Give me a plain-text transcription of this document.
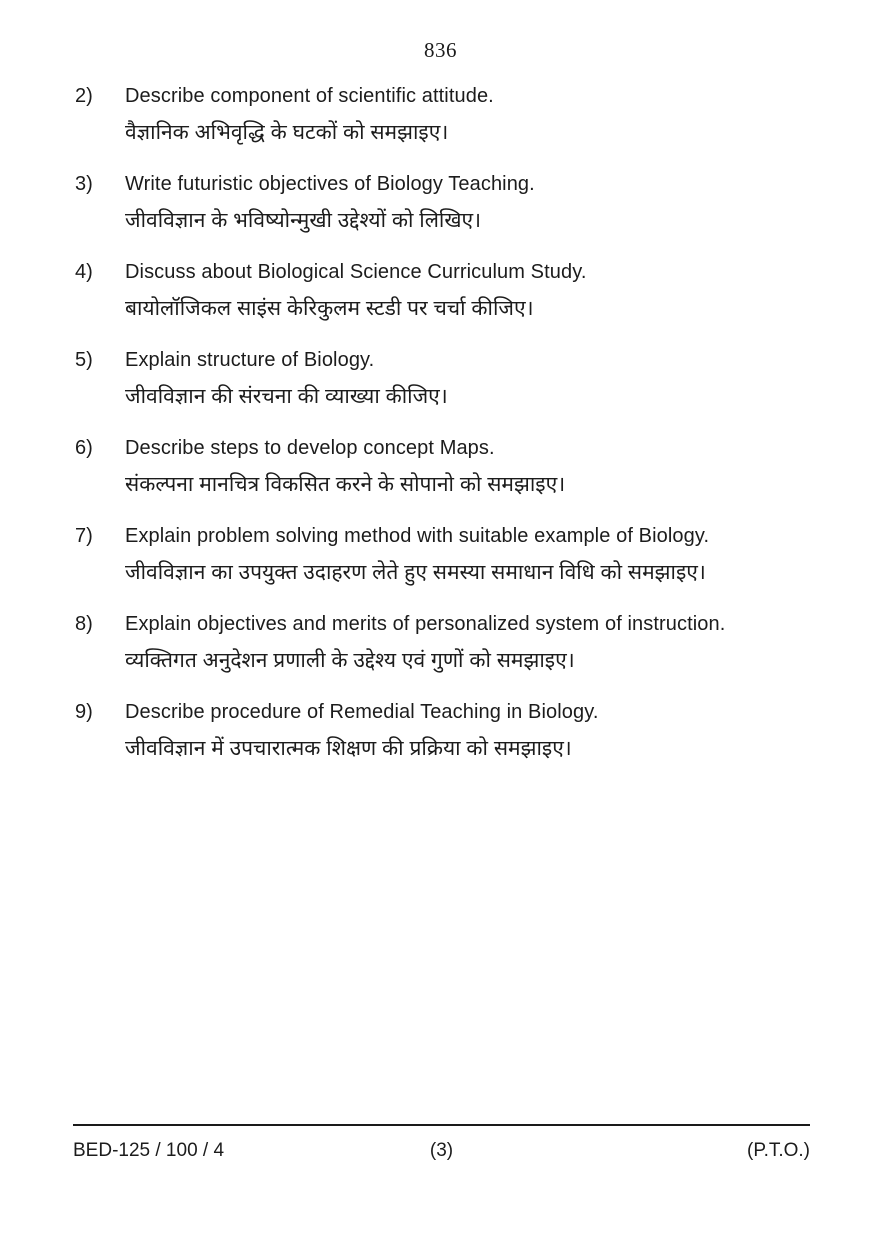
836
2)	Describe component of scientific attitude.
वैज्ञानिक अभिवृद्धि के घटकों को समझाइए।
3)	Write futuristic objectives of Biology Teaching.
जीवविज्ञान के भविष्योन्मुखी उद्देश्यों को लिखिए।
4)	Discuss about Biological Science Curriculum Study.
बायोलॉजिकल साइंस केरिकुलम स्टडी पर चर्चा कीजिए।
5)	Explain structure of Biology.
जीवविज्ञान की संरचना की व्याख्या कीजिए।
6)	Describe steps to develop concept Maps.
संकल्पना मानचित्र विकसित करने के सोपानो को समझाइए।
7)	Explain problem solving method with suitable example of Biology.
जीवविज्ञान का उपयुक्त उदाहरण लेते हुए समस्या समाधान विधि को समझाइए।
8)	Explain objectives and merits of personalized system of instruction.
व्यक्तिगत अनुदेशन प्रणाली के उद्देश्य एवं गुणों को समझाइए।
9)	Describe procedure of Remedial Teaching in Biology.
जीवविज्ञान में उपचारात्मक शिक्षण की प्रक्रिया को समझाइए।
BED-125 / 100 / 4	(3)	(P.T.O.)
